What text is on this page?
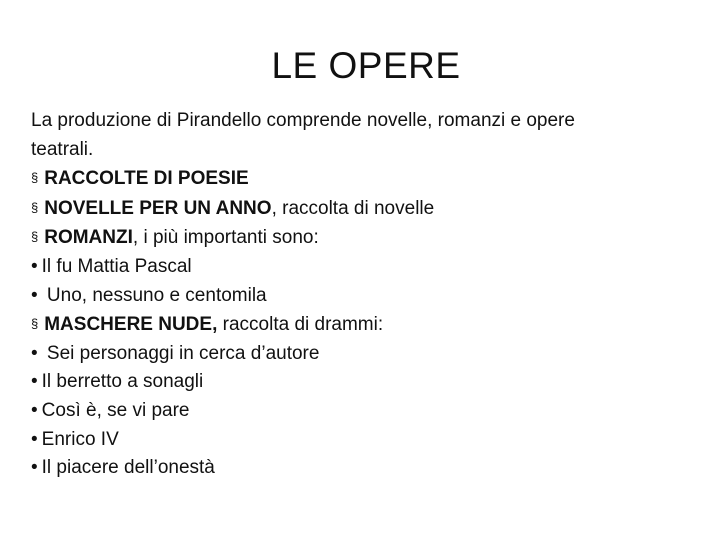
LE OPERE
La produzione di Pirandello comprende novelle, romanzi e opere
teatrali.
§ RACCOLTE DI POESIE
§ NOVELLE PER UN ANNO, raccolta di novelle
§ ROMANZI, i più importanti sono:
• Il fu Mattia Pascal
• Uno, nessuno e centomila
§ MASCHERE NUDE, raccolta di drammi:
• Sei personaggi in cerca d’autore
• Il berretto a sonagli
• Così è, se vi pare
• Enrico IV
• Il piacere dell’onestà
